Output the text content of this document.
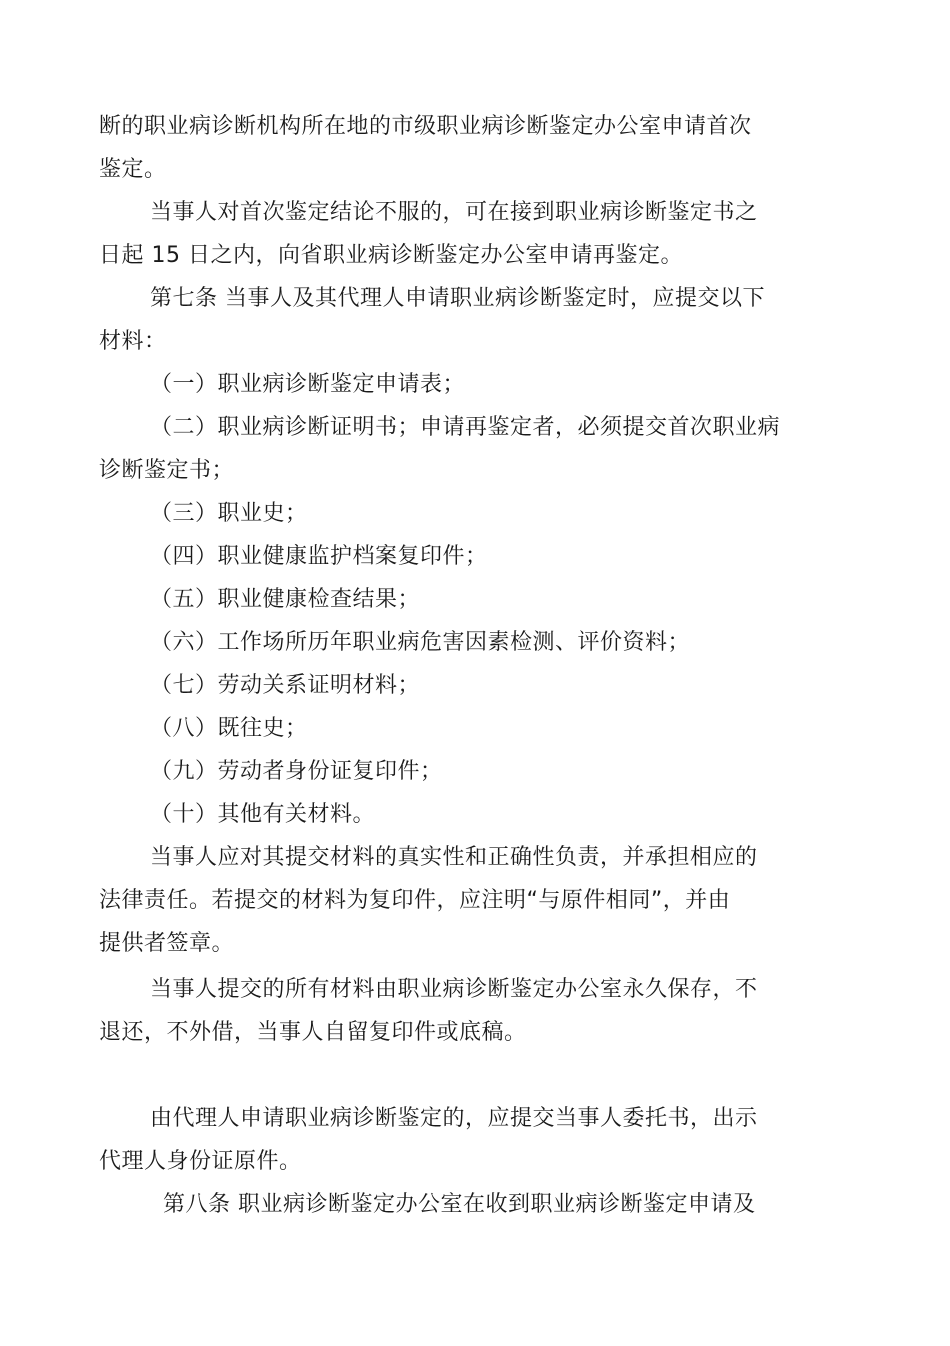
断的职业病诊断机构所在地的市级职业病诊断鉴定办公室申请首次
鉴定。
当事人对首次鉴定结论不服的，可在接到职业病诊断鉴定书之
日起 15 日之内，向省职业病诊断鉴定办公室申请再鉴定。
第七条 当事人及其代理人申请职业病诊断鉴定时，应提交以下
材料：
（一）职业病诊断鉴定申请表；
（二）职业病诊断证明书；申请再鉴定者，必须提交首次职业病
诊断鉴定书；
（三）职业史；
（四）职业健康监护档案复印件；
（五）职业健康检查结果；
（六）工作场所历年职业病危害因素检测、评价资料；
（七）劳动关系证明材料；
（八）既往史；
（九）劳动者身份证复印件；
（十）其他有关材料。
当事人应对其提交材料的真实性和正确性负责，并承担相应的
法律责任。若提交的材料为复印件，应注明“与原件相同”，并由
提供者签章。
当事人提交的所有材料由职业病诊断鉴定办公室永久保存，不
退还，不外借，当事人自留复印件或底稿。
由代理人申请职业病诊断鉴定的，应提交当事人委托书，出示
代理人身份证原件。
第八条 职业病诊断鉴定办公室在收到职业病诊断鉴定申请及
